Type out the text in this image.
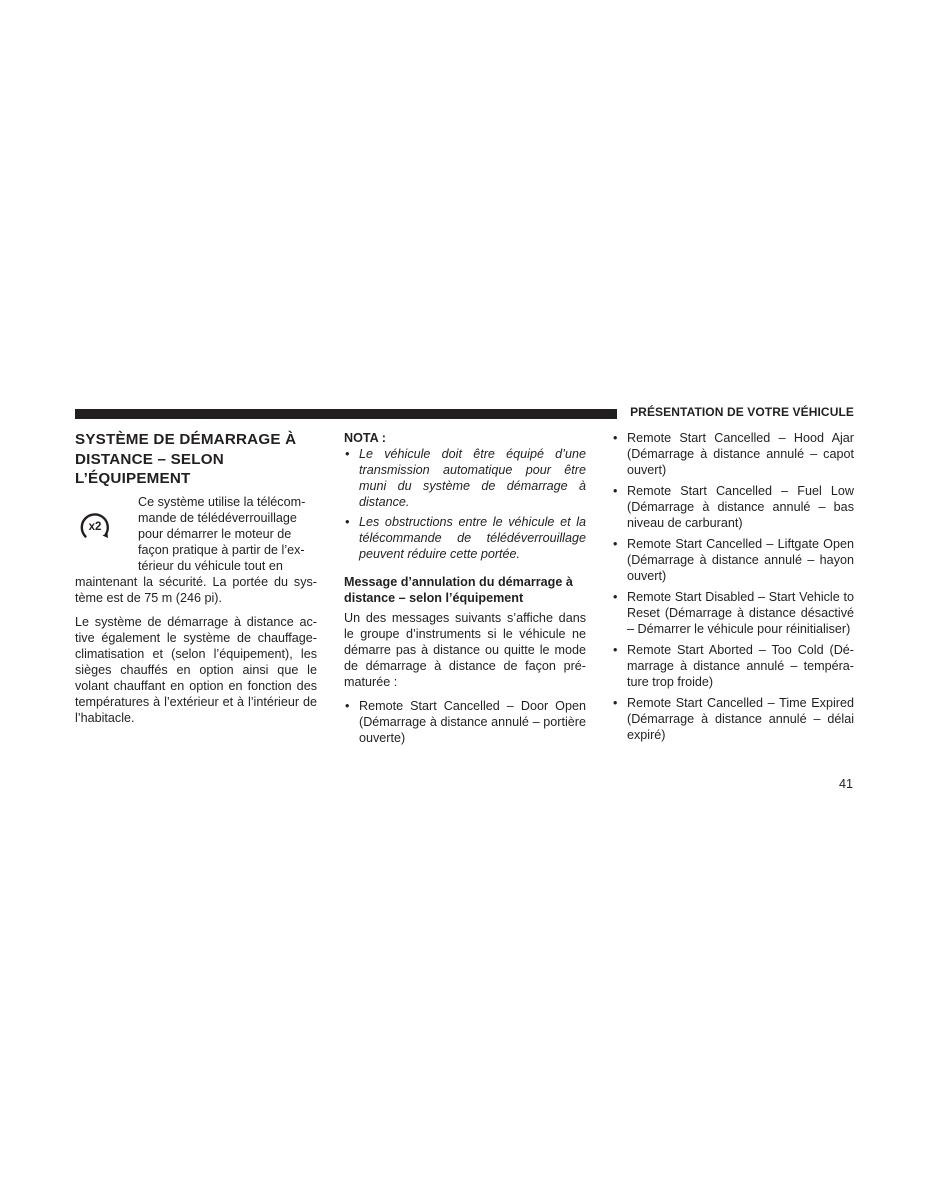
PRÉSENTATION DE VOTRE VÉHICULE
SYSTÈME DE DÉMARRAGE À
DISTANCE – SELON
L’ÉQUIPEMENT
x2
Ce système utilise la télécom-
mande de télédéverrouillage
pour démarrer le moteur de
façon pratique à partir de l’ex-
térieur du véhicule tout en

maintenant la sécurité. La portée du système est de 75 m (246 pi).

Le système de démarrage à distance active également le système de chauffage-climatisation et (selon l’équipement), les sièges chauffés en option ainsi que le volant chauffant en option en fonction des températures à l’extérieur et à l’intérieur de l’habitacle.

NOTA :
• Le véhicule doit être équipé d’une transmission automatique pour être muni du système de démarrage à distance.
• Les obstructions entre le véhicule et la télécommande de télédéverrouillage peuvent réduire cette portée.
Message d’annulation du démarrage à distance – selon l’équipement

Un des messages suivants s’affiche dans le groupe d’instruments si le véhicule ne démarre pas à distance ou quitte le mode de démarrage à distance de façon prématurée :

• Remote Start Cancelled – Door Open (Démarrage à distance annulé – portière ouverte)
• Remote Start Cancelled – Hood Ajar (Démarrage à distance annulé – capot ouvert)
• Remote Start Cancelled – Fuel Low (Démarrage à distance annulé – bas niveau de carburant)
• Remote Start Cancelled – Liftgate Open (Démarrage à distance annulé – hayon ouvert)
• Remote Start Disabled – Start Vehicle to Reset (Démarrage à distance désactivé – Démarrer le véhicule pour réinitialiser)
• Remote Start Aborted – Too Cold (Démarrage à distance annulé – température trop froide)
• Remote Start Cancelled – Time Expired (Démarrage à distance annulé – délai expiré)
41
